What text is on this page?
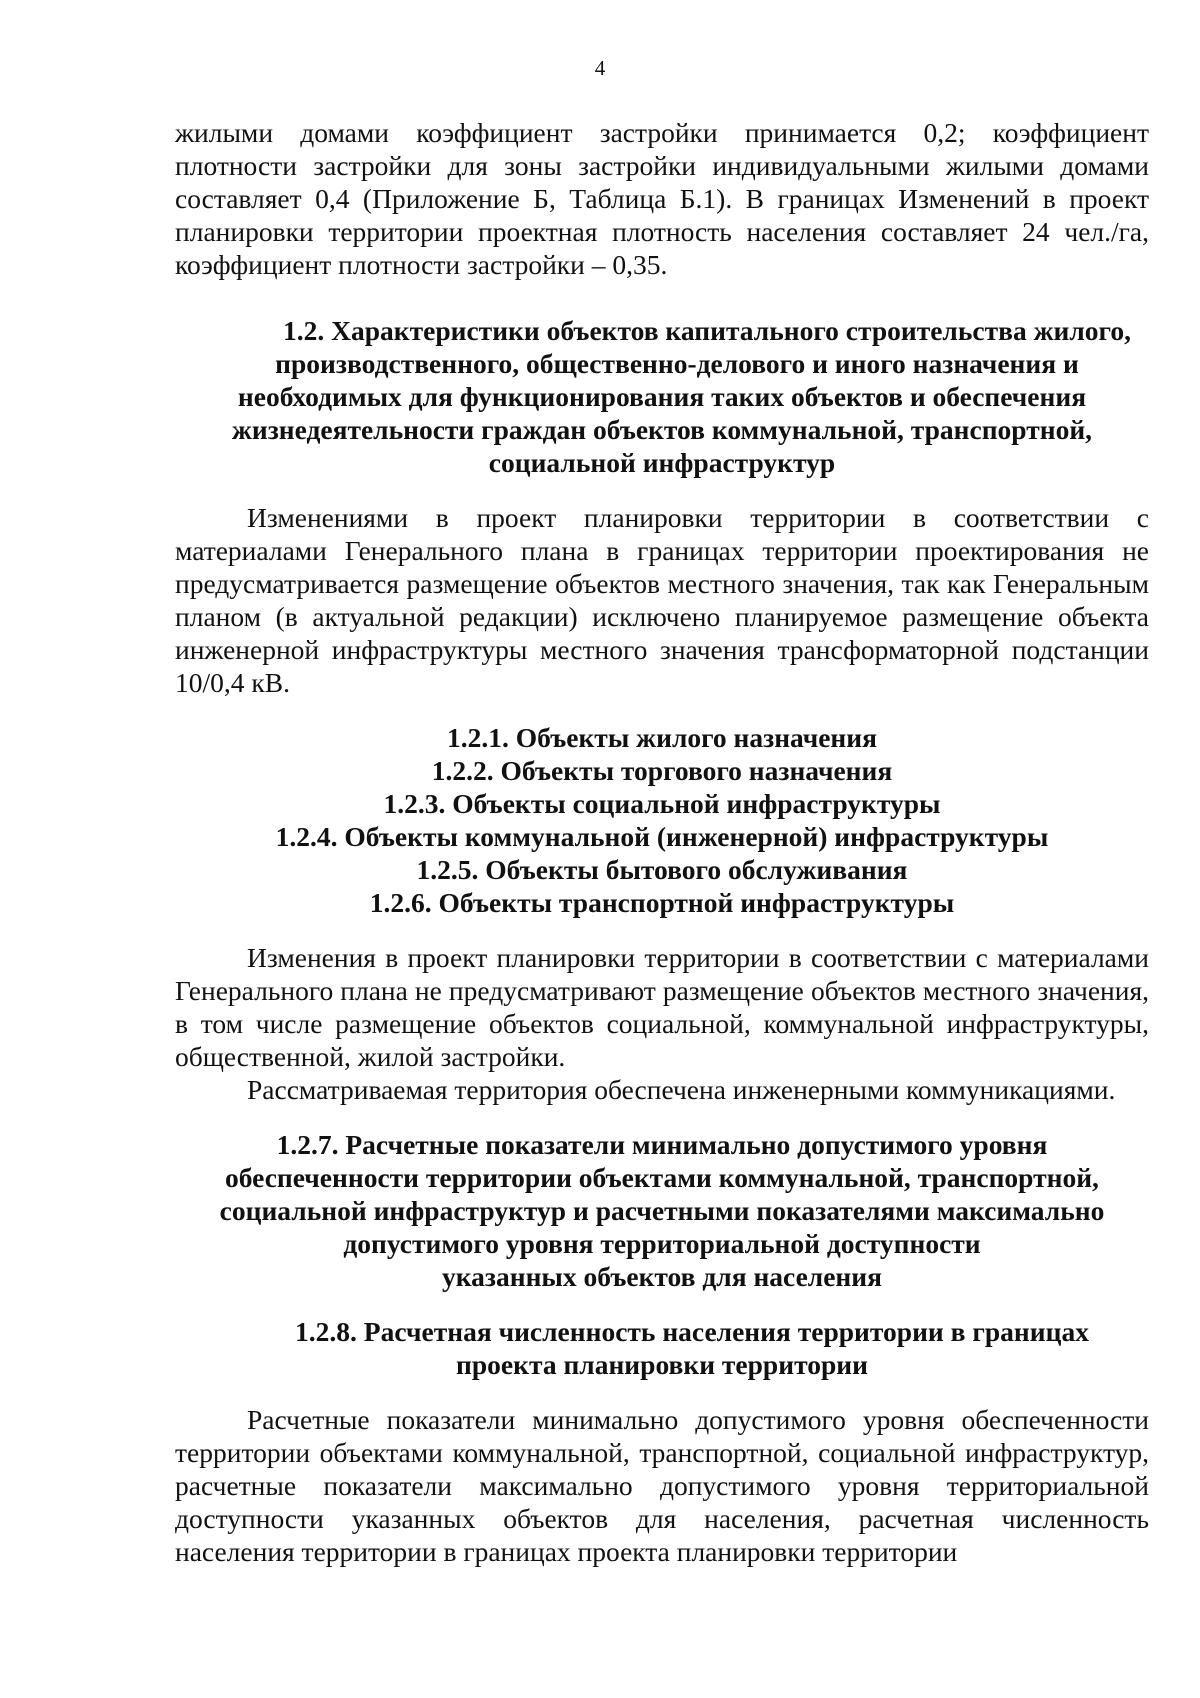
4

жилыми домами коэффициент застройки принимается 0,2; коэффициент плотности застройки для зоны застройки индивидуальными жилыми домами составляет 0,4 (Приложение Б, Таблица Б.1). В границах Изменений в проект планировки территории проектная плотность населения составляет 24 чел./га, коэффициент плотности застройки – 0,35.

1.2. Характеристики объектов капитального строительства жилого,
производственного, общественно-делового и иного назначения и
необходимых для функционирования таких объектов и обеспечения
жизнедеятельности граждан объектов коммунальной, транспортной,
социальной инфраструктур

Изменениями в проект планировки территории в соответствии с материалами Генерального плана в границах территории проектирования не предусматривается размещение объектов местного значения, так как Генеральным планом (в актуальной редакции) исключено планируемое размещение объекта инженерной инфраструктуры местного значения трансформаторной подстанции 10/0,4 кВ.

1.2.1. Объекты жилого назначения
1.2.2. Объекты торгового назначения
1.2.3. Объекты социальной инфраструктуры
1.2.4. Объекты коммунальной (инженерной) инфраструктуры
1.2.5. Объекты бытового обслуживания
1.2.6. Объекты транспортной инфраструктуры

Изменения в проект планировки территории в соответствии с материалами Генерального плана не предусматривают размещение объектов местного значения, в том числе размещение объектов социальной, коммунальной инфраструктуры, общественной, жилой застройки.

Рассматриваемая территория обеспечена инженерными коммуникациями.

1.2.7. Расчетные показатели минимально допустимого уровня
обеспеченности территории объектами коммунальной, транспортной,
социальной инфраструктур и расчетными показателями максимально
допустимого уровня территориальной доступности
указанных объектов для населения
1.2.8. Расчетная численность населения территории в границах
проекта планировки территории

Расчетные показатели минимально допустимого уровня обеспеченности территории объектами коммунальной, транспортной, социальной инфраструктур, расчетные показатели максимально допустимого уровня территориальной доступности указанных объектов для населения, расчетная численность населения территории в границах проекта планировки территории
